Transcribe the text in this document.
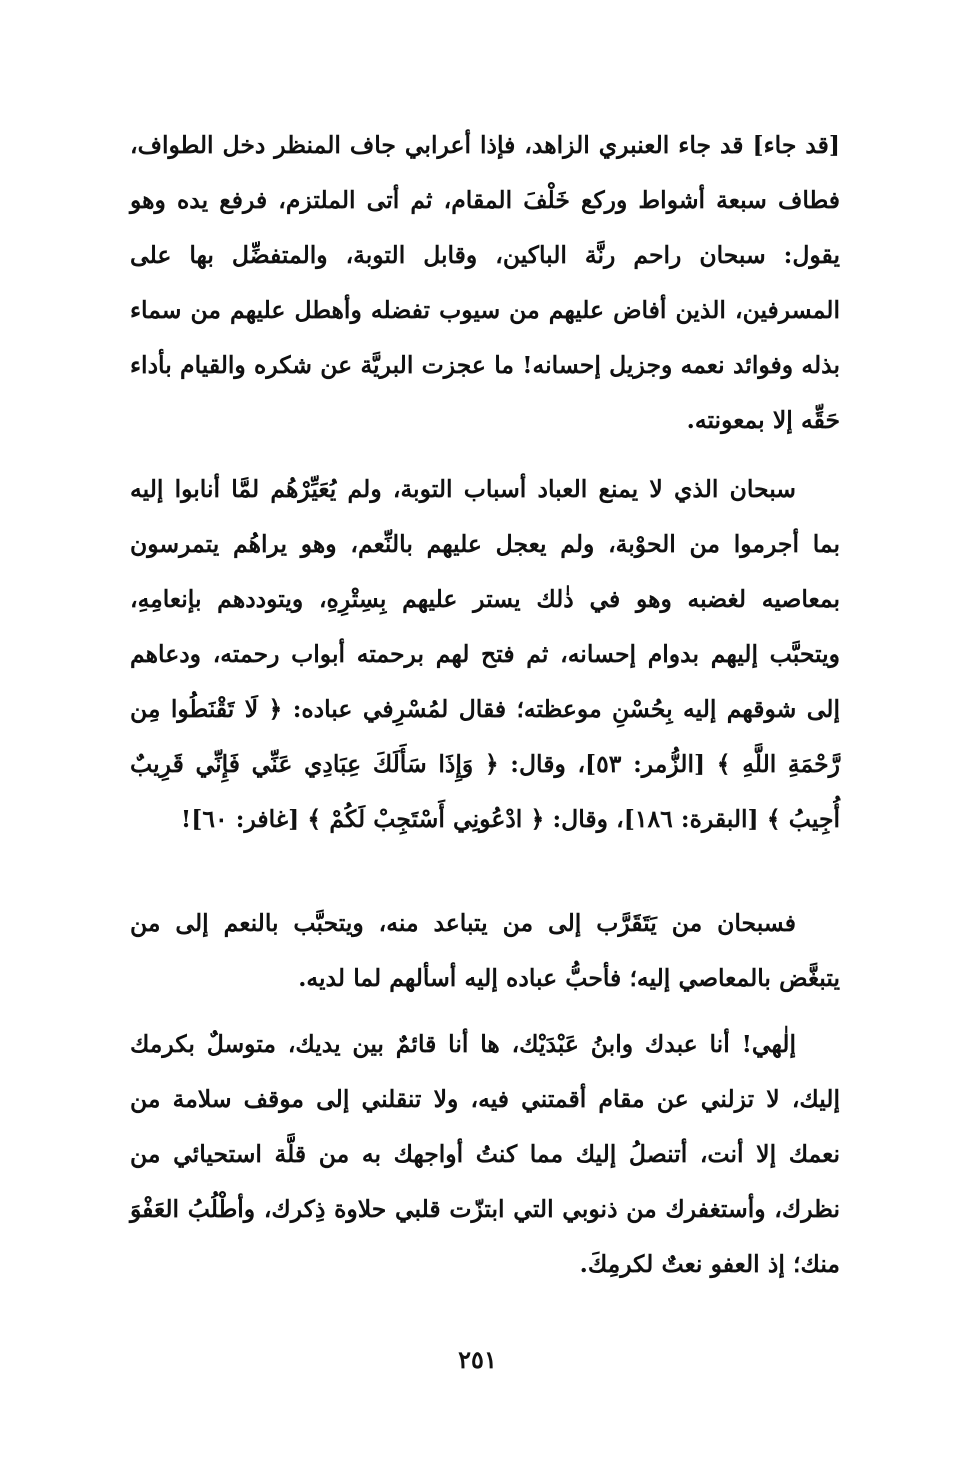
[قد جاء] قد جاء العنبري الزاهد، فإذا أعرابي جاف المنظر دخل الطواف، فطاف سبعة أشواط وركع خَلْفَ المقام، ثم أتى الملتزم، فرفع يده وهو يقول: سبحان راحم رنَّة الباكين، وقابل التوبة، والمتفضِّل بها على المسرفين، الذين أفاض عليهم من سيوب تفضله وأهطل عليهم من سماء بذله وفوائد نعمه وجزيل إحسانه! ما عجزت البريَّة عن شكره والقيام بأداء حَقِّه إلا بمعونته.

سبحان الذي لا يمنع العباد أسباب التوبة، ولم يُعَيِّرْهُم لمَّا أنابوا إليه بما أجرموا من الحوْبة، ولم يعجل عليهم بالنِّعم، وهو يراهُم يتمرسون بمعاصيه لغضبه وهو في ذٰلك يستر عليهم بِسِتْرِهِ، ويتوددهم بإنعامِهِ، ويتحبَّب إليهم بدوام إحسانه، ثم فتح لهم برحمته أبواب رحمته، ودعاهم إلى شوقهم إليه بِحُسْنِ موعظته؛ فقال لمُسْرِفي عباده: ﴿ لَا تَقْنَطُوا مِن رَّحْمَةِ اللَّهِ ﴾ [الزُّمر: ٥٣]، وقال: ﴿ وَإِذَا سَأَلَكَ عِبَادِي عَنِّي فَإِنِّي قَرِيبٌ أُجِيبُ ﴾ [البقرة: ١٨٦]، وقال: ﴿ ادْعُونِي أَسْتَجِبْ لَكُمْ ﴾ [غافر: ٦٠]!

فسبحان من يَتَقَرَّب إلى من يتباعد منه، ويتحبَّب بالنعم إلى من يتبغَّض بالمعاصي إليه؛ فأحبُّ عباده إليه أسألهم لما لديه.

إلٰهي! أنا عبدك وابنُ عَبْدَيْك، ها أنا قائمٌ بين يديك، متوسلٌ بكرمك إليك، لا تزلني عن مقام أقمتني فيه، ولا تنقلني إلى موقف سلامة من نعمك إلا أنت، أتنصلُ إليك مما كنتُ أواجهك به من قلَّة استحيائي من نظرك، وأستغفرك من ذنوبي التي ابتزّت قلبي حلاوة ذِكرك، وأطْلُبُ العَفْوَ منك؛ إذ العفو نعتٌ لكرمِكَ.

٢٥١
